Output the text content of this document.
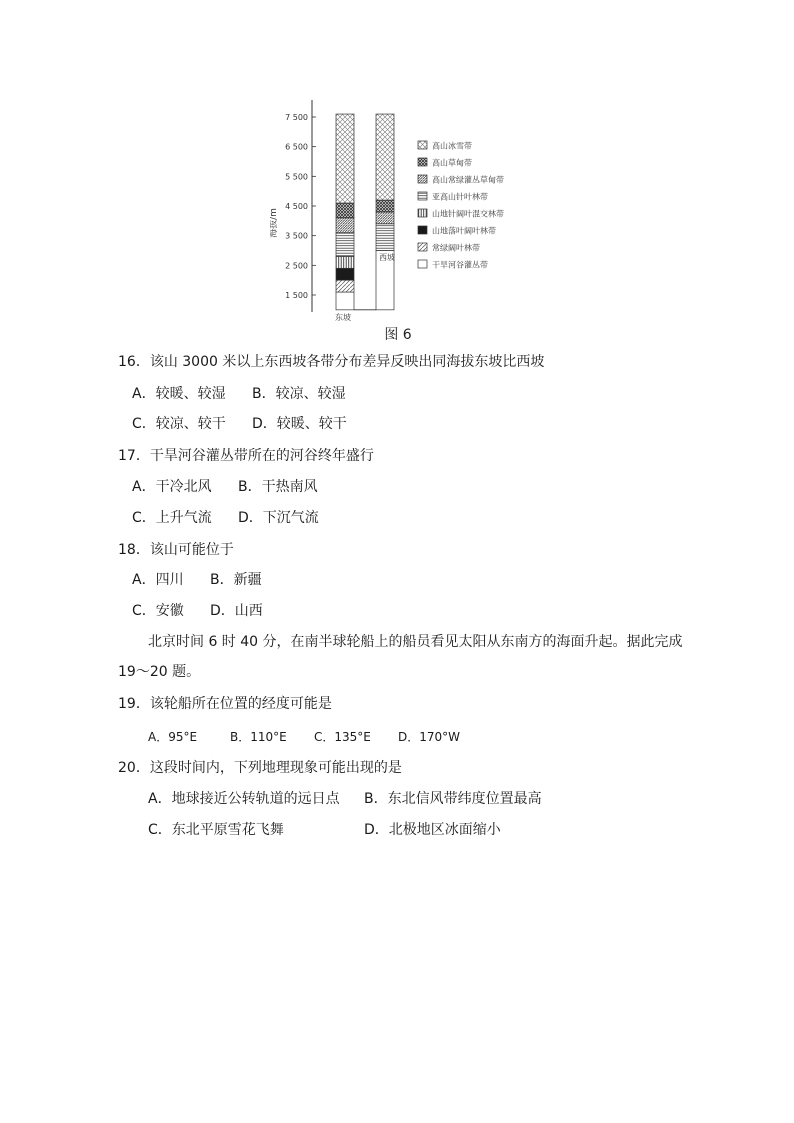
海拔/m
7 500
6 500
5 500
4 500
3 500
2 500
1 500
东坡
西坡
高山冰雪带
高山草甸带
高山常绿灌丛草甸带
亚高山针叶林带
山地针阔叶混交林带
山地落叶阔叶林带
常绿阔叶林带
干旱河谷灌丛带
图 6
16．该山 3000 米以上东西坡各带分布差异反映出同海拔东坡比西坡
A．较暖、较湿 B．较凉、较湿
C．较凉、较干 D．较暖、较干
17．干旱河谷灌丛带所在的河谷终年盛行
A．干冷北风 B．干热南风
C．上升气流 D．下沉气流
18．该山可能位于
A．四川 B．新疆
C．安徽 D．山西
北京时间 6 时 40 分，在南半球轮船上的船员看见太阳从东南方的海面升起。据此完成
19～20 题。
19．该轮船所在位置的经度可能是
A．95°E	B．110°E C．135°E D．170°W
20．这段时间内，下列地理现象可能出现的是
A．地球接近公转轨道的远日点 B．东北信风带纬度位置最高
C．东北平原雪花飞舞	D．北极地区冰面缩小
